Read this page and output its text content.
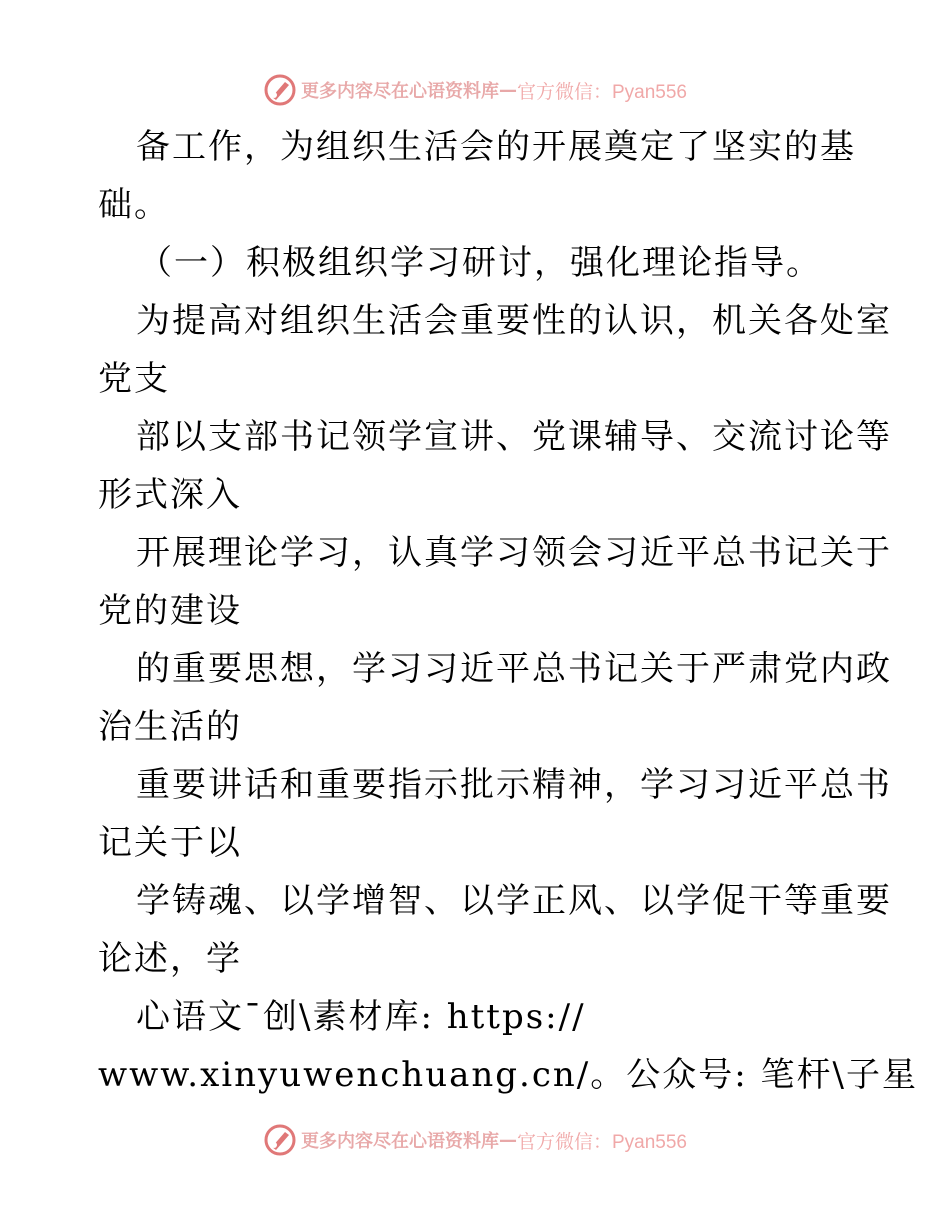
更多内容尽在心语资料库 — 官方微信：Pyan556
备工作，为组织生活会的开展奠定了坚实的基
础。
（一）积极组织学习研讨，强化理论指导。
为提高对组织生活会重要性的认识，机关各处室
党支
部以支部书记领学宣讲、党课辅导、交流讨论等
形式深入
开展理论学习，认真学习领会习近平总书记关于
党的建设
的重要思想，学习习近平总书记关于严肃党内政
治生活的
重要讲话和重要指示批示精神，学习习近平总书
记关于以
学铸魂、以学增智、以学正风、以学促干等重要
论述，学
心语文¯创\素材库: https://
www.xinyuwenchuang.cn/。公众号: 笔杆\子星
更多内容尽在心语资料库 — 官方微信：Pyan556
